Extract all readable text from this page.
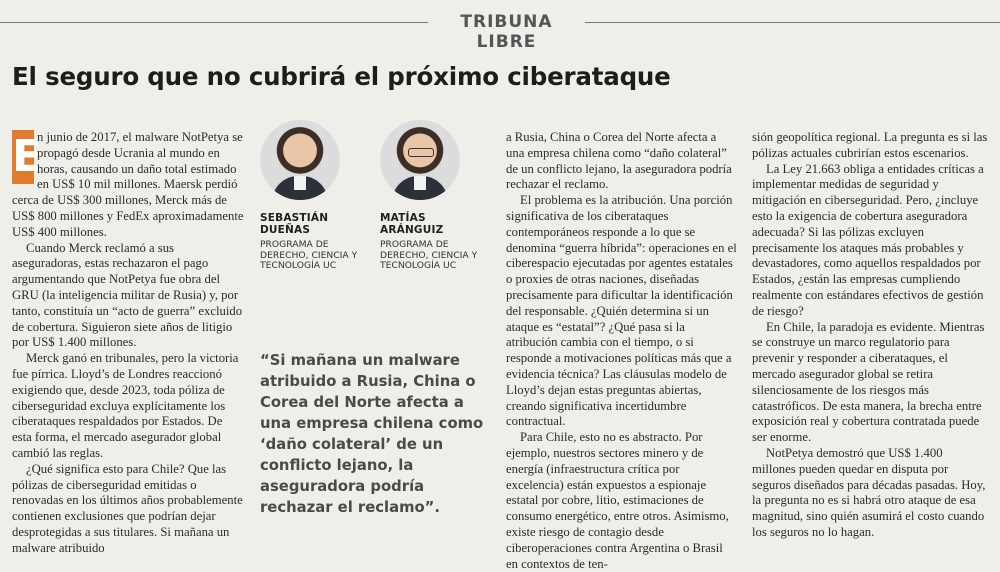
TRIBUNA LIBRE
El seguro que no cubrirá el próximo ciberataque
E

n junio de 2017, el malware NotPetya se propagó desde Ucrania al mundo en horas, causando un daño total estimado en US$ 10 mil millones. Maersk perdió cerca de US$ 300 millones, Merck más de US$ 800 millones y FedEx aproximadamente US$ 400 millones.

Cuando Merck reclamó a sus aseguradoras, estas rechazaron el pago argumentando que NotPetya fue obra del GRU (la inteligencia militar de Rusia) y, por tanto, constituía un “acto de guerra” excluido de cobertura. Siguieron siete años de litigio por US$ 1.400 millones.

Merck ganó en tribunales, pero la victoria fue pírrica. Lloyd’s de Londres reaccionó exigiendo que, desde 2023, toda póliza de ciberseguridad excluya explícitamente los ciberataques respaldados por Estados. De esta forma, el mercado asegurador global cambió las reglas.

¿Qué significa esto para Chile? Que las pólizas de ciberseguridad emitidas o renovadas en los últimos años probablemente contienen exclusiones que podrían dejar desprotegidas a sus titulares. Si mañana un malware atribuido

SEBASTIÁN
DUEÑAS
PROGRAMA DE DERECHO, CIENCIA Y TECNOLOGÍA UC
MATÍAS
ARÁNGUIZ
PROGRAMA DE DERECHO, CIENCIA Y TECNOLOGÍA UC
“Si mañana un malware atribuido a Rusia, China o Corea del Norte afecta a una empresa chilena como ‘daño colateral’ de un conflicto lejano, la aseguradora podría rechazar el reclamo”.

a Rusia, China o Corea del Norte afecta a una empresa chilena como “daño colateral” de un conflicto lejano, la aseguradora podría rechazar el reclamo.

El problema es la atribución. Una porción significativa de los ciberataques contemporáneos responde a lo que se denomina “guerra híbrida”: operaciones en el ciberespacio ejecutadas por agentes estatales o proxies de otras naciones, diseñadas precisamente para dificultar la identificación del responsable. ¿Quién determina si un ataque es “estatal”? ¿Qué pasa si la atribución cambia con el tiempo, o si responde a motivaciones políticas más que a evidencia técnica? Las cláusulas modelo de Lloyd’s dejan estas preguntas abiertas, creando significativa incertidumbre contractual.

Para Chile, esto no es abstracto. Por ejemplo, nuestros sectores minero y de energía (infraestructura crítica por excelencia) están expuestos a espionaje estatal por cobre, litio, estimaciones de consumo energético, entre otros. Asimismo, existe riesgo de contagio desde ciberoperaciones contra Argentina o Brasil en contextos de ten-

sión geopolítica regional. La pregunta es si las pólizas actuales cubrirían estos escenarios.

La Ley 21.663 obliga a entidades críticas a implementar medidas de seguridad y mitigación en ciberseguridad. Pero, ¿incluye esto la exigencia de cobertura aseguradora adecuada? Si las pólizas excluyen precisamente los ataques más probables y devastadores, como aquellos respaldados por Estados, ¿están las empresas cumpliendo realmente con estándares efectivos de gestión de riesgo?

En Chile, la paradoja es evidente. Mientras se construye un marco regulatorio para prevenir y responder a ciberataques, el mercado asegurador global se retira silenciosamente de los riesgos más catastróficos. De esta manera, la brecha entre exposición real y cobertura contratada puede ser enorme.

NotPetya demostró que US$ 1.400 millones pueden quedar en disputa por seguros diseñados para décadas pasadas. Hoy, la pregunta no es si habrá otro ataque de esa magnitud, sino quién asumirá el costo cuando los seguros no lo hagan.
